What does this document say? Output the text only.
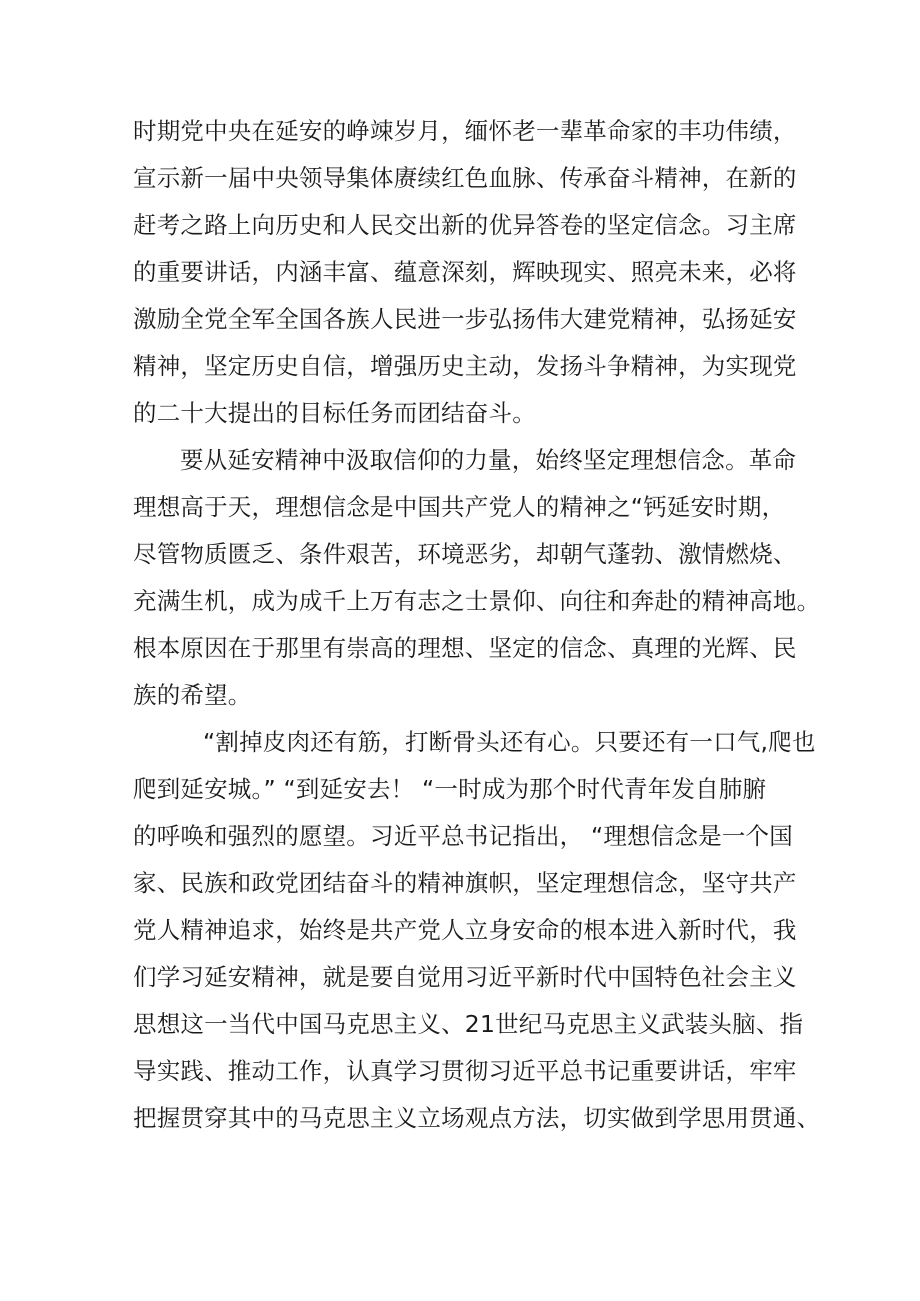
时期党中央在延安的峥竦岁月，缅怀老一辈革命家的丰功伟绩，
宣示新一届中央领导集体赓续红色血脉、传承奋斗精神，在新的
赶考之路上向历史和人民交出新的优异答卷的坚定信念。习主席
的重要讲话，内涵丰富、蕴意深刻，辉映现实、照亮未来，必将
激励全党全军全国各族人民进一步弘扬伟大建党精神，弘扬延安
精神，坚定历史自信，增强历史主动，发扬斗争精神，为实现党
的二十大提出的目标任务而团结奋斗。
要从延安精神中汲取信仰的力量，始终坚定理想信念。革命
理想高于天，理想信念是中国共产党人的精神之“钙延安时期，
尽管物质匮乏、条件艰苦，环境恶劣，却朝气蓬勃、激情燃烧、
充满生机，成为成千上万有志之士景仰、向往和奔赴的精神高地。
根本原因在于那里有崇高的理想、坚定的信念、真理的光辉、民
族的希望。
“割掉皮肉还有筋，打断骨头还有心。只要还有一口气,爬也
爬到延安城。” “到延安去！ “一时成为那个时代青年发自肺腑
的呼唤和强烈的愿望。习近平总书记指出， “理想信念是一个国
家、民族和政党团结奋斗的精神旗帜，坚定理想信念，坚守共产
党人精神追求，始终是共产党人立身安命的根本进入新时代，我
们学习延安精神，就是要自觉用习近平新时代中国特色社会主义
思想这一当代中国马克思主义、21世纪马克思主义武装头脑、指
导实践、推动工作，认真学习贯彻习近平总书记重要讲话，牢牢
把握贯穿其中的马克思主义立场观点方法，切实做到学思用贯通、
